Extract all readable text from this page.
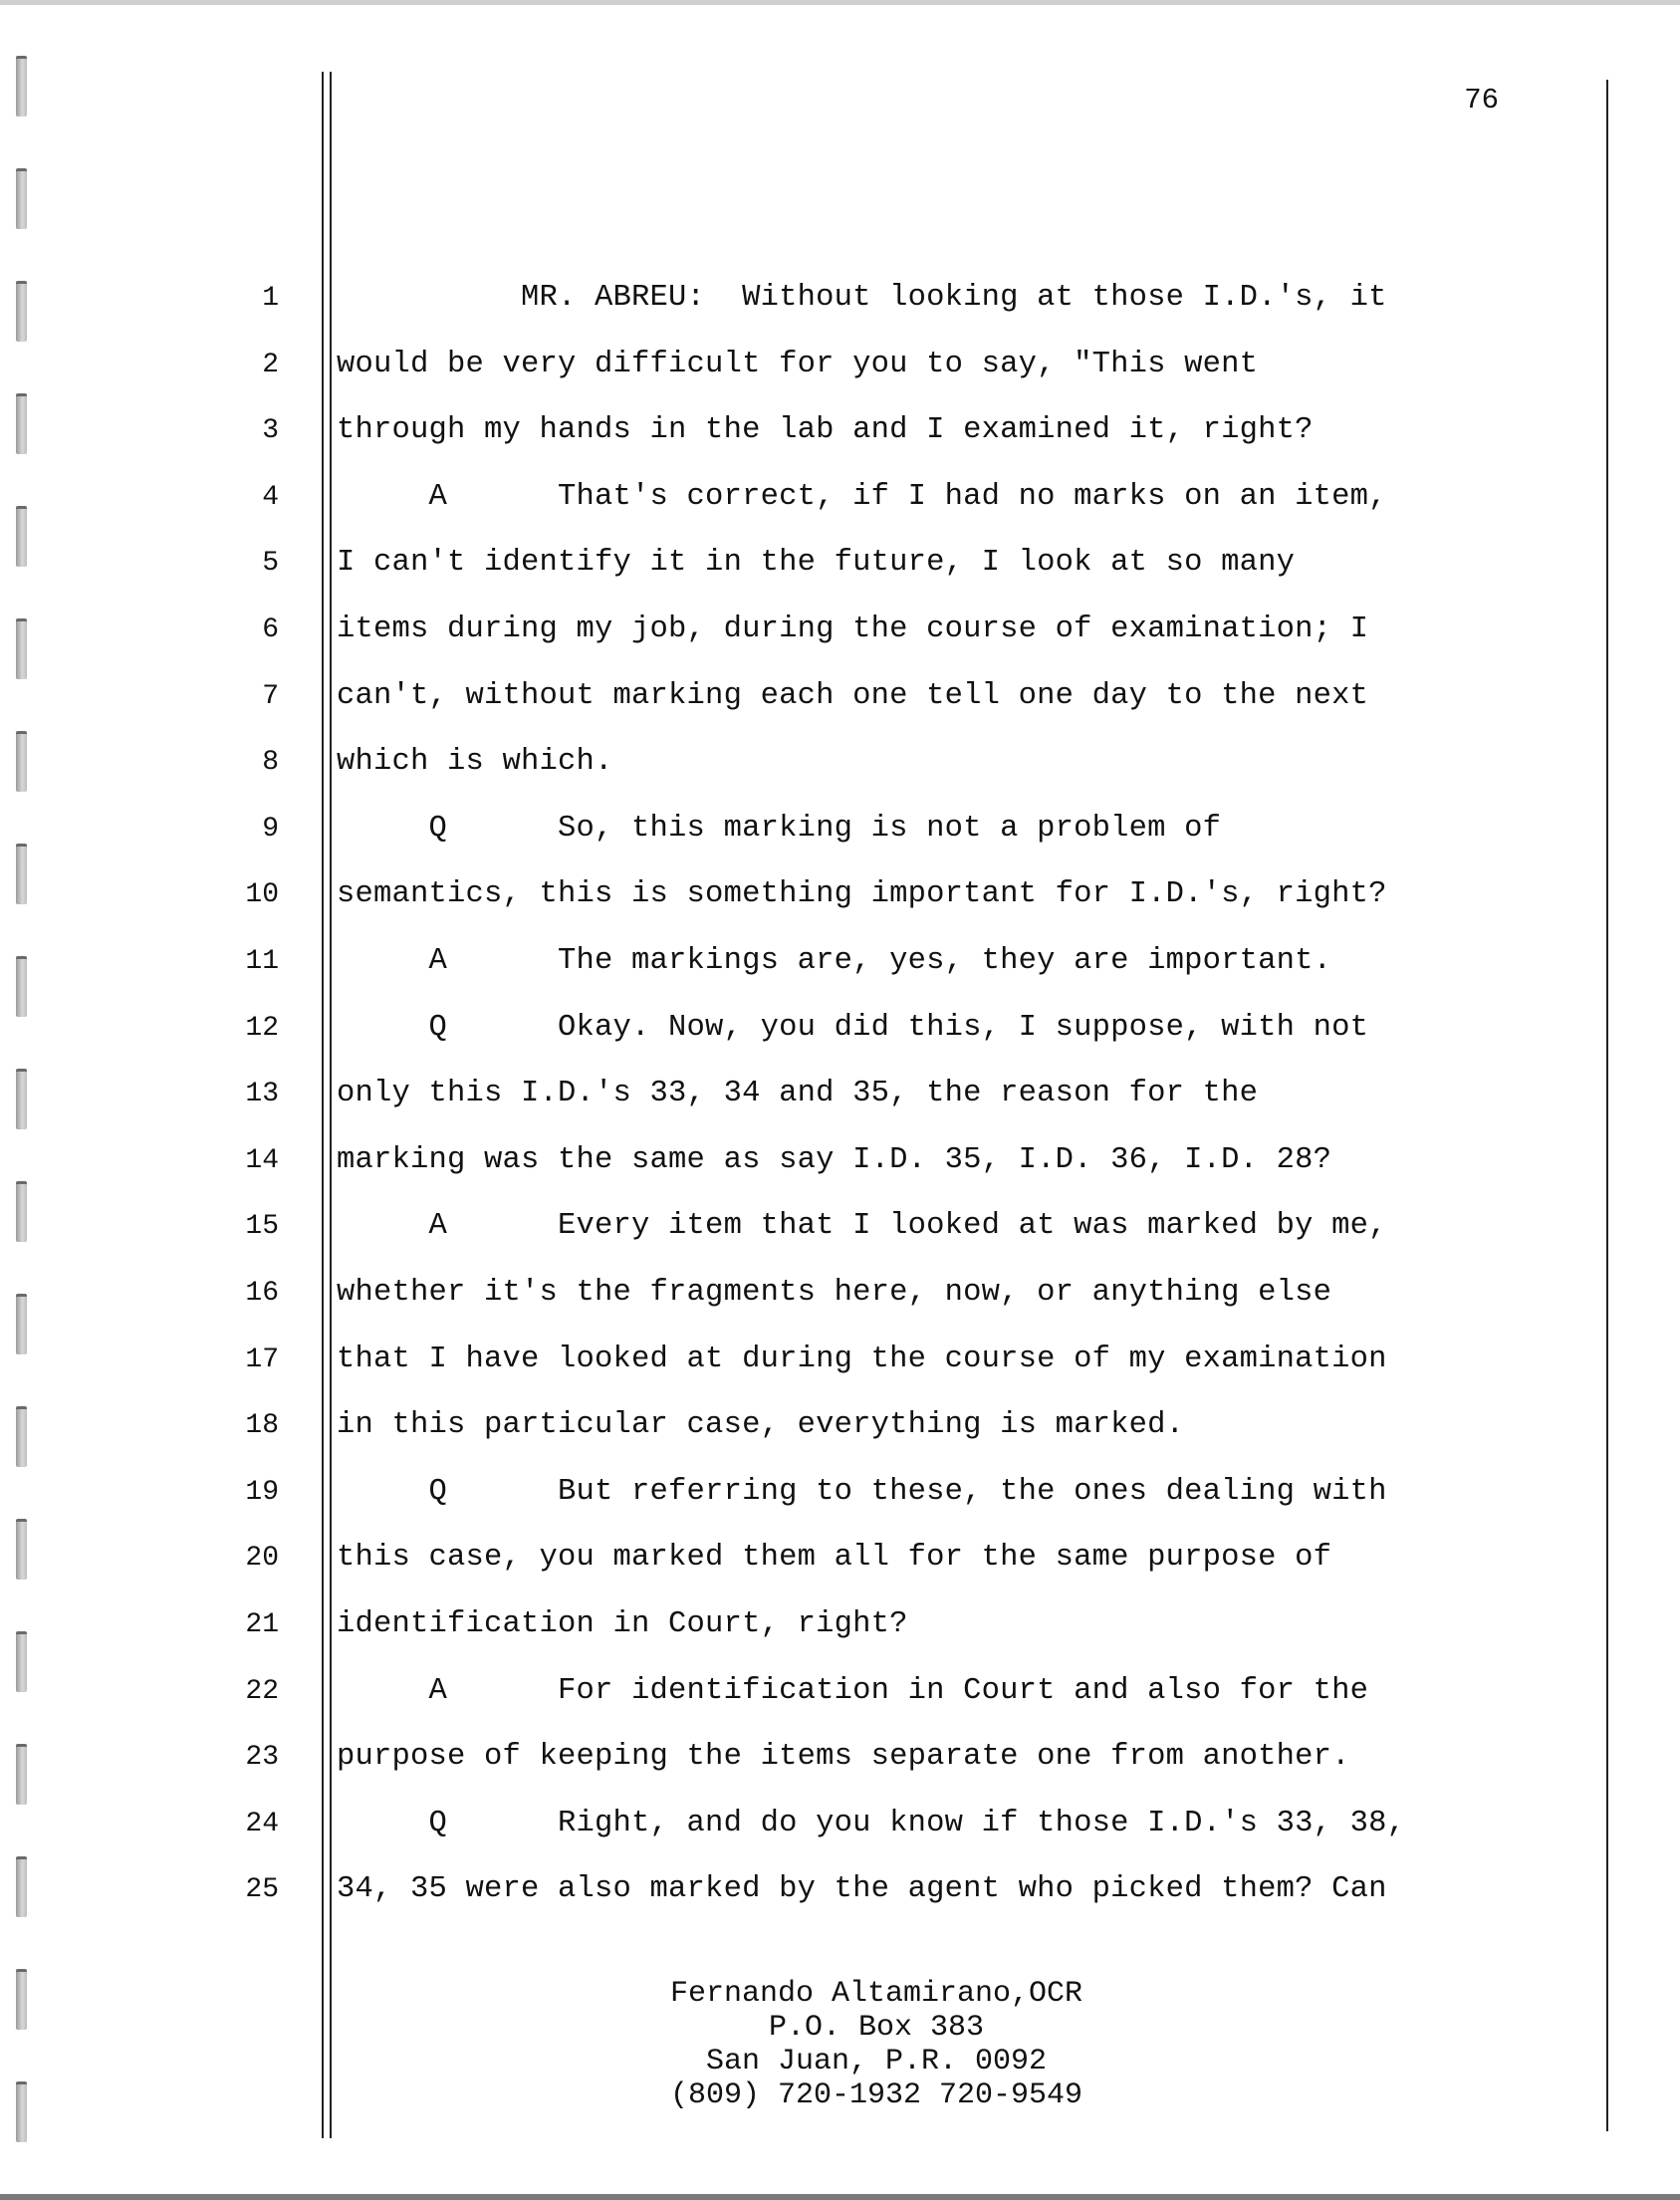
76
1 MR. ABREU:  Without looking at those I.D.'s, it
2 would be very difficult for you to say, "This went
3 through my hands in the lab and I examined it, right?
4 A      That's correct, if I had no marks on an item,
5 I can't identify it in the future, I look at so many
6 items during my job, during the course of examination; I
7 can't, without marking each one tell one day to the next
8 which is which.
9 Q      So, this marking is not a problem of
10 semantics, this is something important for I.D.'s, right?
11 A      The markings are, yes, they are important.
12 Q      Okay. Now, you did this, I suppose, with not
13 only this I.D.'s 33, 34 and 35, the reason for the
14 marking was the same as say I.D. 35, I.D. 36, I.D. 28?
15 A      Every item that I looked at was marked by me,
16 whether it's the fragments here, now, or anything else
17 that I have looked at during the course of my examination
18 in this particular case, everything is marked.
19 Q      But referring to these, the ones dealing with
20 this case, you marked them all for the same purpose of
21 identification in Court, right?
22 A      For identification in Court and also for the
23 purpose of keeping the items separate one from another.
24 Q      Right, and do you know if those I.D.'s 33, 38,
25 34, 35 were also marked by the agent who picked them? Can
Fernando Altamirano,OCR
P.O. Box 383
San Juan, P.R. 0092
(809) 720-1932 720-9549
